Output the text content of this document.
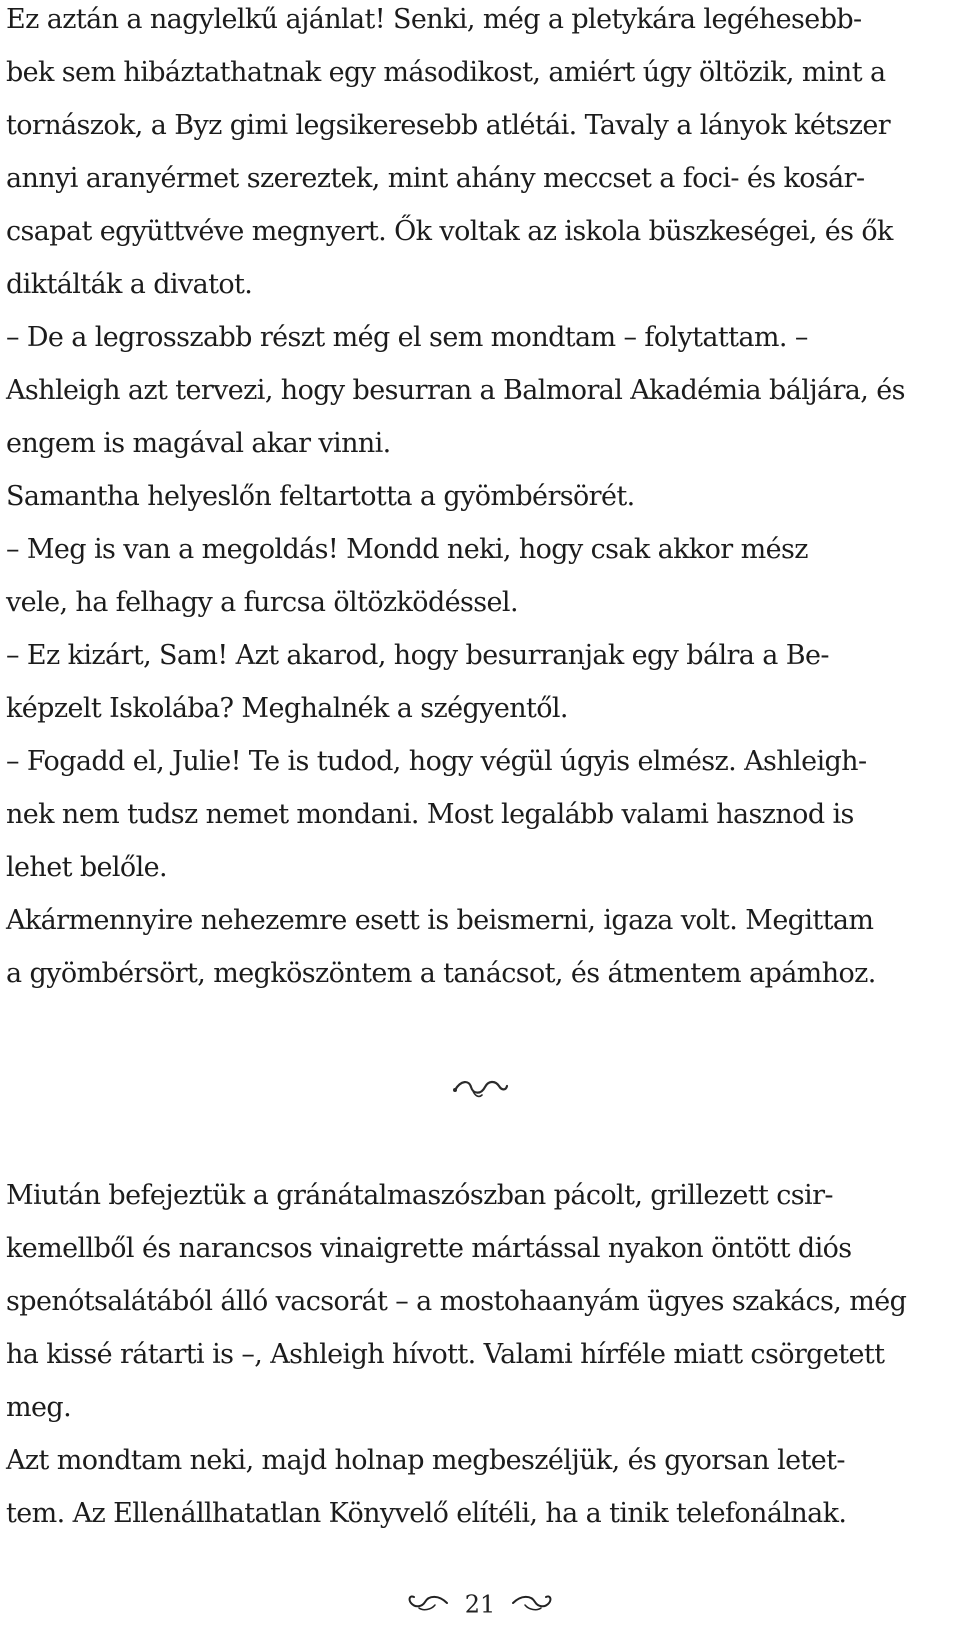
Ez aztán a nagylelkű ajánlat! Senki, még a pletykára legéhesebb-

bek sem hibáztathatnak egy másodikost, amiért úgy öltözik, mint a

tornászok, a Byz gimi legsikeresebb atlétái. Tavaly a lányok kétszer

annyi aranyérmet szereztek, mint ahány meccset a foci- és kosár-

csapat együttvéve megnyert. Ők voltak az iskola büszkeségei, és ők

diktálták a divatot.

– De a legrosszabb részt még el sem mondtam – folytattam. –

Ashleigh azt tervezi, hogy besurran a Balmoral Akadémia báljára, és

engem is magával akar vinni.

Samantha helyeslőn feltartotta a gyömbérsörét.

– Meg is van a megoldás! Mondd neki, hogy csak akkor mész

vele, ha felhagy a furcsa öltözködéssel.

– Ez kizárt, Sam! Azt akarod, hogy besurranjak egy bálra a Be-

képzelt Iskolába? Meghalnék a szégyentől.

– Fogadd el, Julie! Te is tudod, hogy végül úgyis elmész. Ashleigh-

nek nem tudsz nemet mondani. Most legalább valami hasznod is

lehet belőle.

Akármennyire nehezemre esett is beismerni, igaza volt. Megittam

a gyömbérsört, megköszöntem a tanácsot, és átmentem apámhoz.

Miután befejeztük a gránátalmaszószban pácolt, grillezett csir-

kemellből és narancsos vinaigrette mártással nyakon öntött diós

spenótsalátából álló vacsorát – a mostohaanyám ügyes szakács, még

ha kissé rátarti is –, Ashleigh hívott. Valami hírféle miatt csörgetett

meg.

Azt mondtam neki, majd holnap megbeszéljük, és gyorsan letet-

tem. Az Ellenállhatatlan Könyvelő elítéli, ha a tinik telefonálnak.

21
